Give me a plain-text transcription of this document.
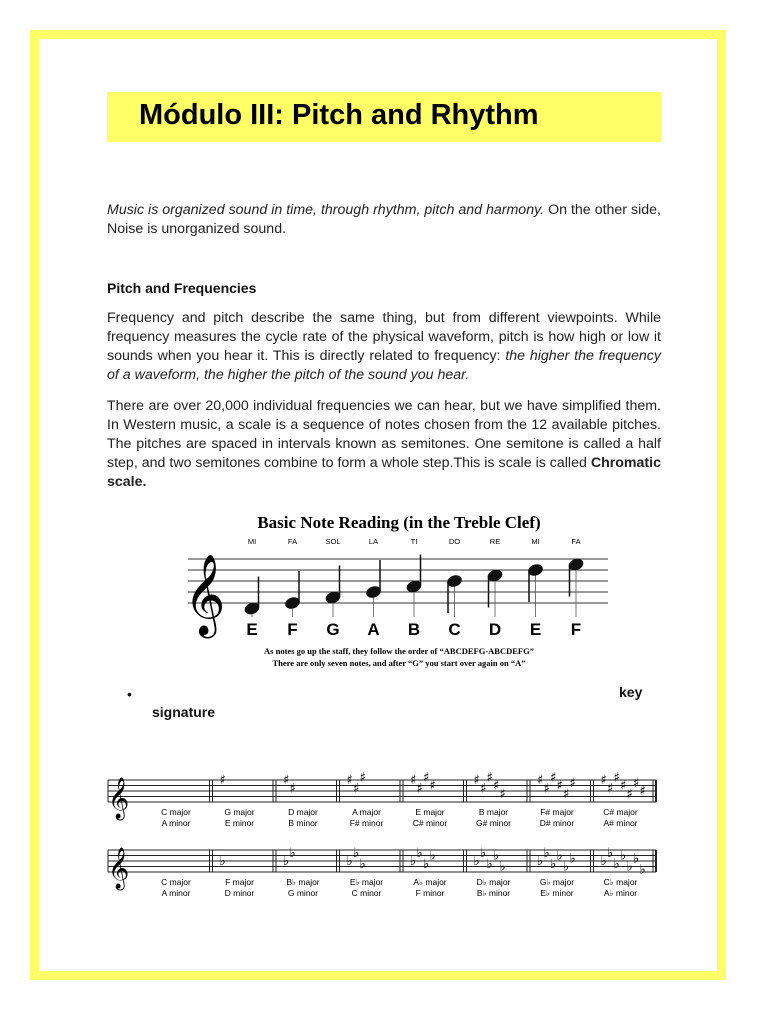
Módulo III: Pitch and Rhythm
Music is organized sound in time, through rhythm, pitch and harmony. On the other side, Noise is unorganized sound.
Pitch and Frequencies
Frequency and pitch describe the same thing, but from different viewpoints. While frequency measures the cycle rate of the physical waveform, pitch is how high or low it sounds when you hear it. This is directly related to frequency: the higher the frequency of a waveform, the higher the pitch of the sound you hear.
There are over 20,000 individual frequencies we can hear, but we have simplified them. In Western music, a scale is a sequence of notes chosen from the 12 available pitches. The pitches are spaced in intervals known as semitones. One semitone is called a half step, and two semitones combine to form a whole step.This is scale is called Chromatic scale.
Basic Note Reading (in the Treble Clef)
𝄞
MI
E
FA
F
SOL
G
LA
A
TI
B
DO
C
RE
D
MI
E
FA
F
As notes go up the staff, they follow the order of “ABCDEFG-ABCDEFG”
There are only seven notes, and after “G” you start over again on “A”
•	key
signature
𝄞	C major
A minor
♯
G major
E minor
♯
♯
D major
B minor
♯
♯
♯
A major
F# minor
♯
♯
♯
♯
E major
C# minor
♯
♯
♯
♯
♯
B major
G# minor
♯
♯
♯
♯
♯
♯
F# major
D# minor
♯
♯
♯
♯
♯
♯
♯
C# major
A# minor
𝄞	C major
A minor
♭
F major
D minor
♭
♭
B♭ major
G minor
♭
♭
♭
E♭ major
C minor
♭
♭
♭
♭
A♭ major
F minor
♭
♭
♭
♭
♭
D♭ major
B♭ minor
♭
♭
♭
♭
♭
♭
G♭ major
E♭ minor
♭
♭
♭
♭
♭
♭
♭
C♭ major
A♭ minor
